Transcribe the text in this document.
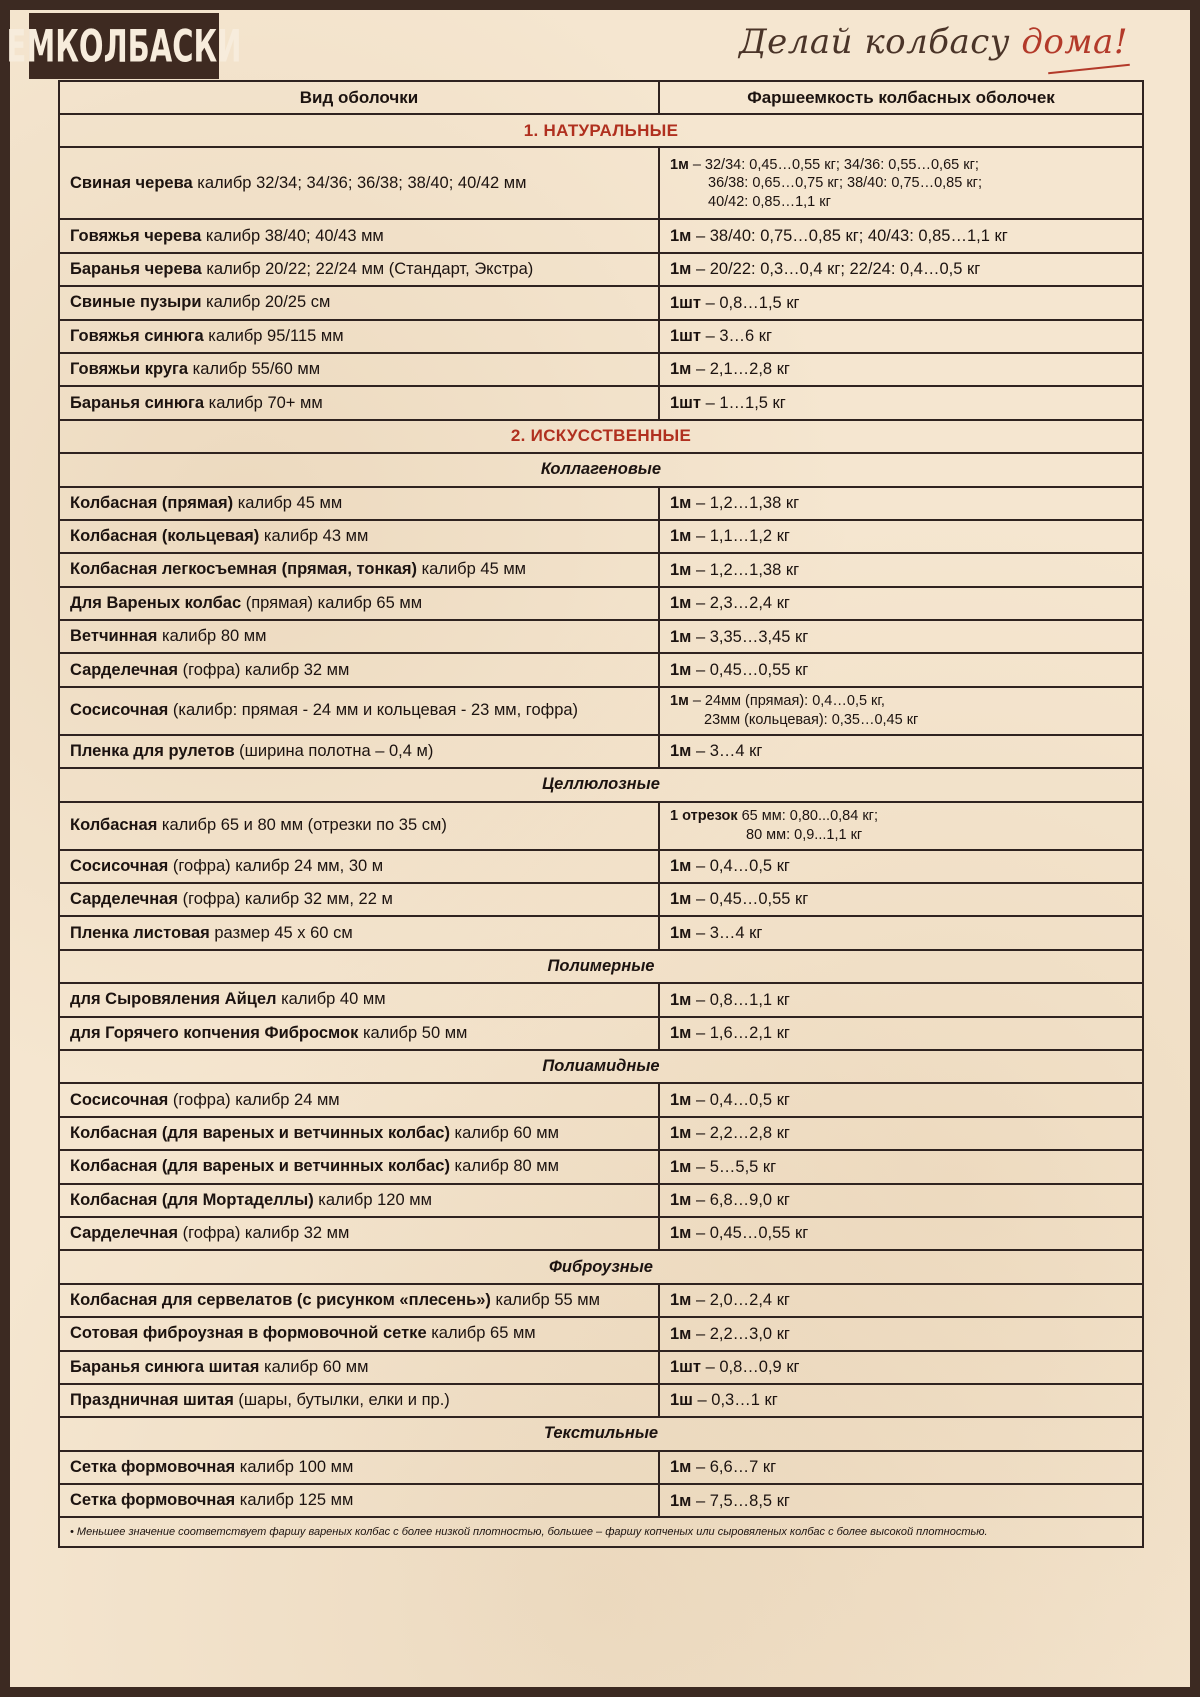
ЕМКОЛБАСКИ	Делай колбасу дома!
Вид оболочки	Фаршеемкость колбасных оболочек
1. НАТУРАЛЬНЫЕ	
Свиная черева калибр 32/34; 34/36; 36/38; 38/40; 40/42 мм	1м – 32/34: 0,45…0,55 кг; 34/36: 0,55…0,65 кг;
36/38: 0,65…0,75 кг; 38/40: 0,75…0,85 кг;
40/42: 0,85…1,1 кг

Говяжья черева калибр 38/40; 40/43 мм	1м – 38/40: 0,75…0,85 кг; 40/43: 0,85…1,1 кг
Баранья черева калибр 20/22; 22/24 мм (Стандарт, Экстра)	1м – 20/22: 0,3…0,4 кг; 22/24: 0,4…0,5 кг
Свиные пузыри калибр 20/25 см	1шт – 0,8…1,5 кг
Говяжья синюга калибр 95/115 мм	1шт – 3…6 кг
Говяжьи круга калибр 55/60 мм	1м – 2,1…2,8 кг
Баранья синюга калибр 70+ мм	1шт – 1…1,5 кг
2. ИСКУССТВЕННЫЕ	
Коллагеновые	
Колбасная (прямая) калибр 45 мм	1м – 1,2…1,38 кг
Колбасная (кольцевая) калибр 43 мм	1м – 1,1…1,2 кг
Колбасная легкосъемная (прямая, тонкая) калибр 45 мм	1м – 1,2…1,38 кг
Для Вареных колбас (прямая) калибр 65 мм	1м – 2,3…2,4 кг
Ветчинная калибр 80 мм	1м – 3,35…3,45 кг
Сарделечная (гофра) калибр 32 мм	1м – 0,45…0,55 кг
Сосисочная (калибр: прямая - 24 мм и кольцевая - 23 мм, гофра)	1м – 24мм (прямая): 0,4…0,5 кг,
23мм (кольцевая): 0,35…0,45 кг

Пленка для рулетов (ширина полотна – 0,4 м)	1м – 3…4 кг
Целлюлозные	
Колбасная калибр 65 и 80 мм (отрезки по 35 см)	1 отрезок 65 мм: 0,80...0,84 кг;
80 мм: 0,9...1,1 кг

Сосисочная (гофра) калибр 24 мм, 30 м	1м – 0,4…0,5 кг
Сарделечная (гофра) калибр 32 мм, 22 м	1м – 0,45…0,55 кг
Пленка листовая размер 45 х 60 см	1м – 3…4 кг
Полимерные	
для Сыровяления Айцел калибр 40 мм	1м – 0,8…1,1 кг
для Горячего копчения Фибросмок калибр 50 мм	1м – 1,6…2,1 кг
Полиамидные	
Сосисочная (гофра) калибр 24 мм	1м – 0,4…0,5 кг
Колбасная (для вареных и ветчинных колбас) калибр 60 мм	1м – 2,2…2,8 кг
Колбасная (для вареных и ветчинных колбас) калибр 80 мм	1м – 5…5,5 кг
Колбасная (для Мортаделлы) калибр 120 мм	1м – 6,8…9,0 кг
Сарделечная (гофра) калибр 32 мм	1м – 0,45…0,55 кг
Фиброузные	
Колбасная для сервелатов (с рисунком «плесень») калибр 55 мм	1м – 2,0…2,4 кг
Сотовая фиброузная в формовочной сетке калибр 65 мм	1м – 2,2…3,0 кг
Баранья синюга шитая калибр 60 мм	1шт – 0,8…0,9 кг
Праздничная шитая (шары, бутылки, елки и пр.)	1ш – 0,3…1 кг
Текстильные	
Сетка формовочная калибр 100 мм	1м – 6,6…7 кг
Сетка формовочная калибр 125 мм	1м – 7,5…8,5 кг
• Меньшее значение соответствует фаршу вареных колбас с более низкой плотностью, большее – фаршу копченых или сыровяленых колбас с более высокой плотностью.	
